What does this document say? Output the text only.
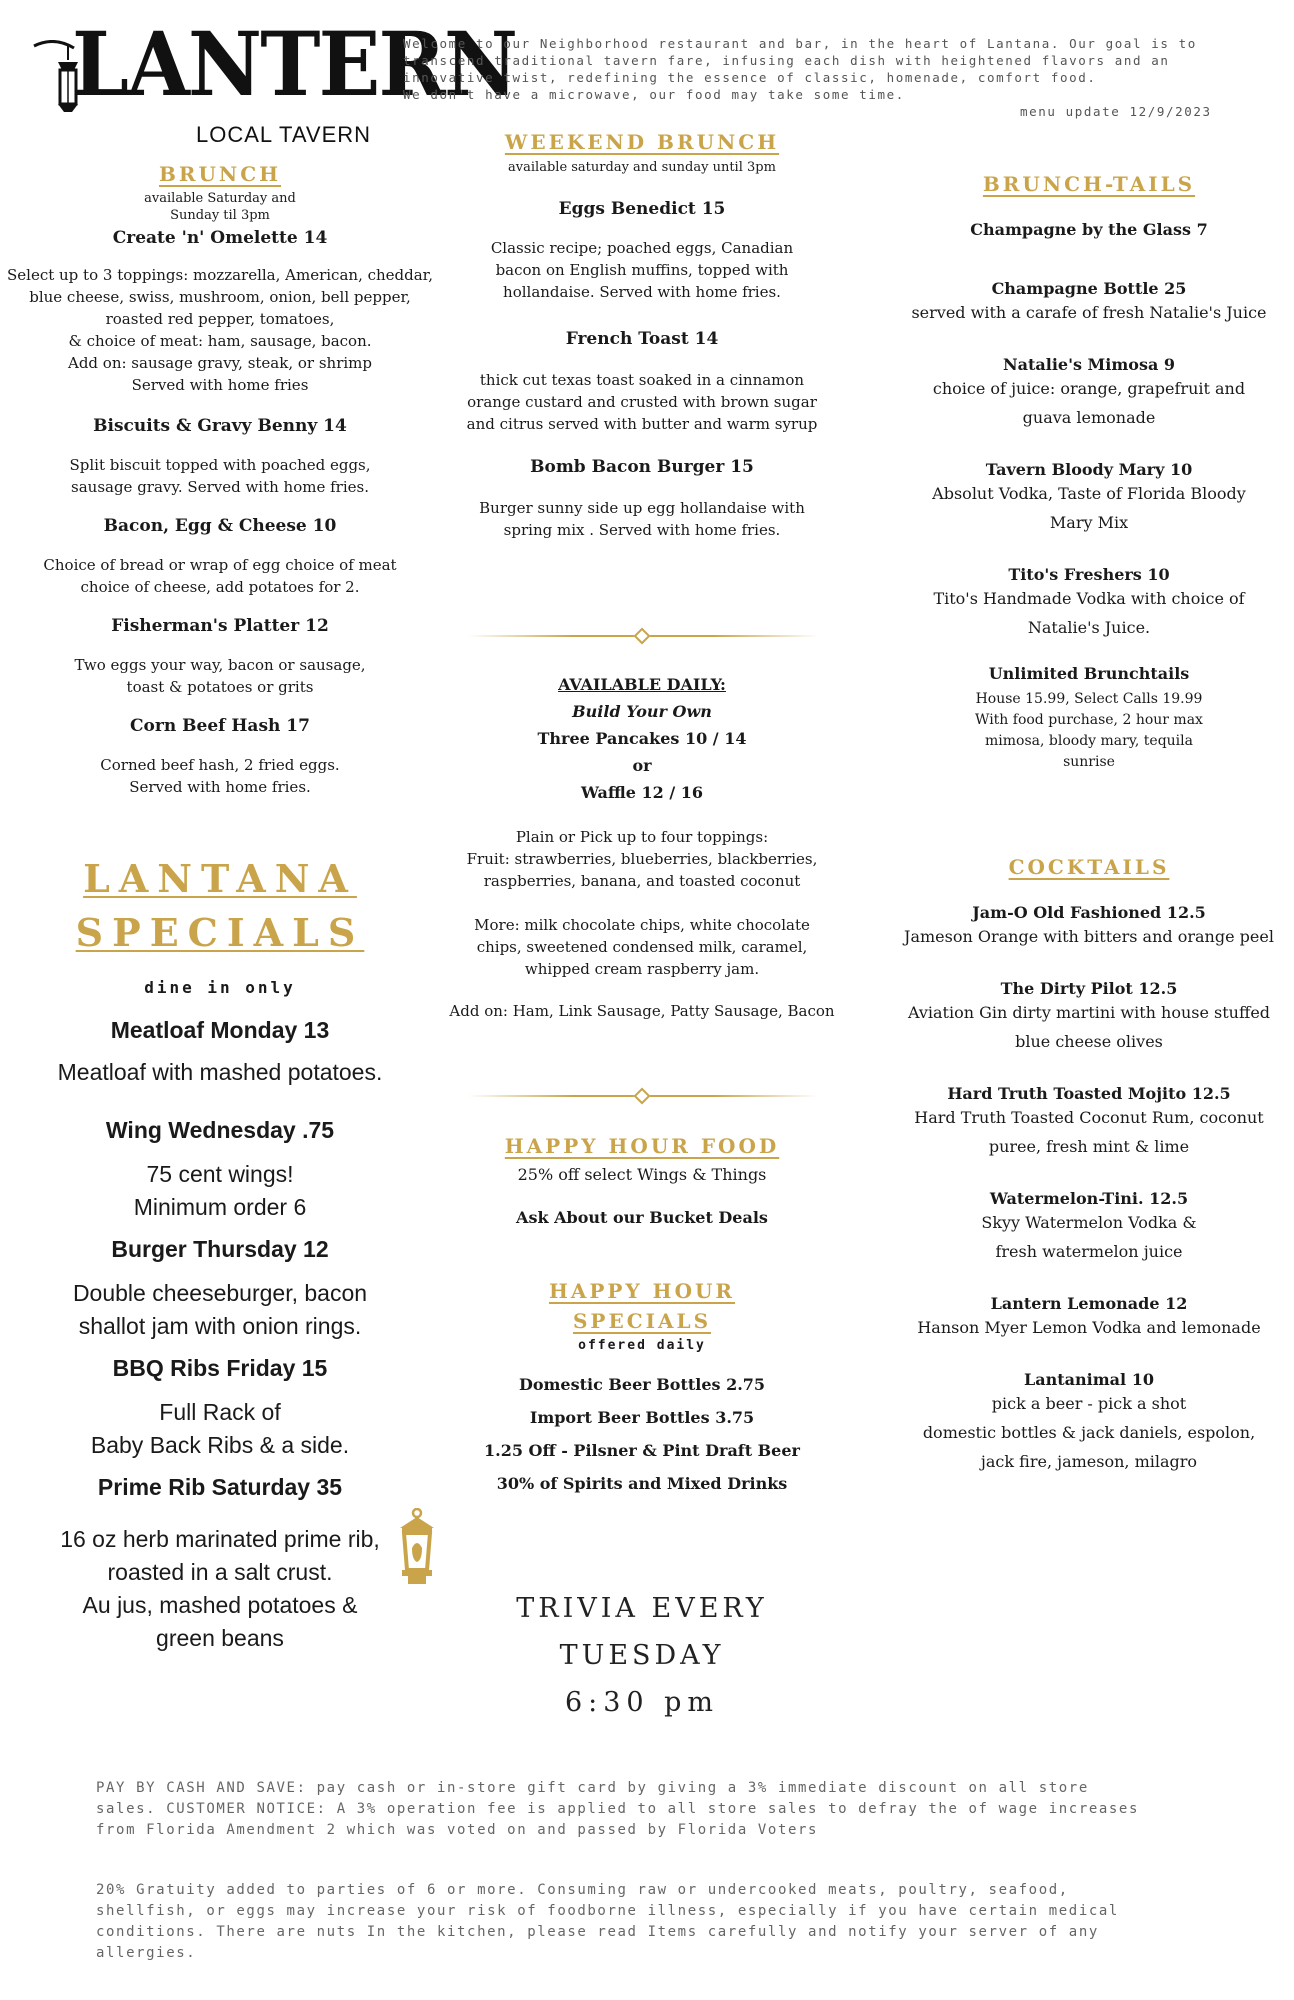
LANTERN
LOCAL TAVERN
Welcome to our Neighborhood restaurant and bar, in the heart of Lantana. Our goal is to
transcend traditional tavern fare, infusing each dish with heightened flavors and an
innovative twist, redefining the essence of classic, homenade, comfort food.
We don't have a microwave, our food may take some time.
menu update 12/9/2023
BRUNCH
available Saturday and
Sunday til 3pm
Create 'n' Omelette 14
Select up to 3 toppings: mozzarella, American, cheddar,
blue cheese, swiss, mushroom, onion, bell pepper,
roasted red pepper, tomatoes,
& choice of meat: ham, sausage, bacon.
Add on: sausage gravy, steak, or shrimp
Served with home fries
Biscuits & Gravy Benny 14
Split biscuit topped with poached eggs,
sausage gravy. Served with home fries.
Bacon, Egg & Cheese 10
Choice of bread or wrap of egg choice of meat
choice of cheese, add potatoes for 2.
Fisherman's Platter 12
Two eggs your way, bacon or sausage,
toast & potatoes or grits
Corn Beef Hash 17
Corned beef hash, 2 fried eggs.
Served with home fries.
LANTANA
SPECIALS
dine in only
Meatloaf Monday 13
Meatloaf with mashed potatoes.
Wing Wednesday .75
75 cent wings!
Minimum order 6
Burger Thursday 12
Double cheeseburger, bacon
shallot jam with onion rings.
BBQ Ribs Friday 15
Full Rack of
Baby Back Ribs & a side.
Prime Rib Saturday 35
16 oz herb marinated prime rib,
roasted in a salt crust.
Au jus, mashed potatoes &
green beans
WEEKEND BRUNCH
available saturday and sunday until 3pm
Eggs Benedict 15
Classic recipe; poached eggs, Canadian
bacon on English muffins, topped with
hollandaise. Served with home fries.
French Toast 14
thick cut texas toast soaked in a cinnamon
orange custard and crusted with brown sugar
and citrus served with butter and warm syrup
Bomb Bacon Burger 15
Burger sunny side up egg hollandaise with
spring mix . Served with home fries.
AVAILABLE DAILY:
Build Your Own
Three Pancakes 10 / 14
or
Waffle 12 / 16
Plain or Pick up to four toppings:
Fruit: strawberries, blueberries, blackberries,
raspberries, banana, and toasted coconut
More: milk chocolate chips, white chocolate
chips, sweetened condensed milk, caramel,
whipped cream raspberry jam.
Add on: Ham, Link Sausage, Patty Sausage, Bacon
HAPPY HOUR FOOD
25% off select Wings & Things
Ask About our Bucket Deals
HAPPY HOUR
SPECIALS
offered daily
Domestic Beer Bottles 2.75
Import Beer Bottles 3.75
1.25 Off - Pilsner & Pint Draft Beer
30% of Spirits and Mixed Drinks
TRIVIA EVERY
TUESDAY
6:30 pm
BRUNCH-TAILS
Champagne by the Glass 7
Champagne Bottle 25
served with a carafe of fresh Natalie's Juice
Natalie's Mimosa 9
choice of juice: orange, grapefruit and
guava lemonade
Tavern Bloody Mary 10
Absolut Vodka, Taste of Florida Bloody
Mary Mix
Tito's Freshers 10
Tito's Handmade Vodka with choice of
Natalie's Juice.
Unlimited Brunchtails
House 15.99, Select Calls 19.99
With food purchase, 2 hour max
mimosa, bloody mary, tequila
sunrise
COCKTAILS
Jam-O Old Fashioned 12.5
Jameson Orange with bitters and orange peel
The Dirty Pilot 12.5
Aviation Gin dirty martini with house stuffed
blue cheese olives
Hard Truth Toasted Mojito 12.5
Hard Truth Toasted Coconut Rum, coconut
puree, fresh mint & lime
Watermelon-Tini. 12.5
Skyy Watermelon Vodka &
fresh watermelon juice
Lantern Lemonade 12
Hanson Myer Lemon Vodka and lemonade
Lantanimal 10
pick a beer - pick a shot
domestic bottles & jack daniels, espolon,
jack fire, jameson, milagro
PAY BY CASH AND SAVE: pay cash or in-store gift card by giving a 3% immediate discount on all store
sales. CUSTOMER NOTICE: A 3% operation fee is applied to all store sales to defray the of wage increases
from Florida Amendment 2 which was voted on and passed by Florida Voters
20% Gratuity added to parties of 6 or more. Consuming raw or undercooked meats, poultry, seafood,
shellfish, or eggs may increase your risk of foodborne illness, especially if you have certain medical
conditions. There are nuts In the kitchen, please read Items carefully and notify your server of any
allergies.
